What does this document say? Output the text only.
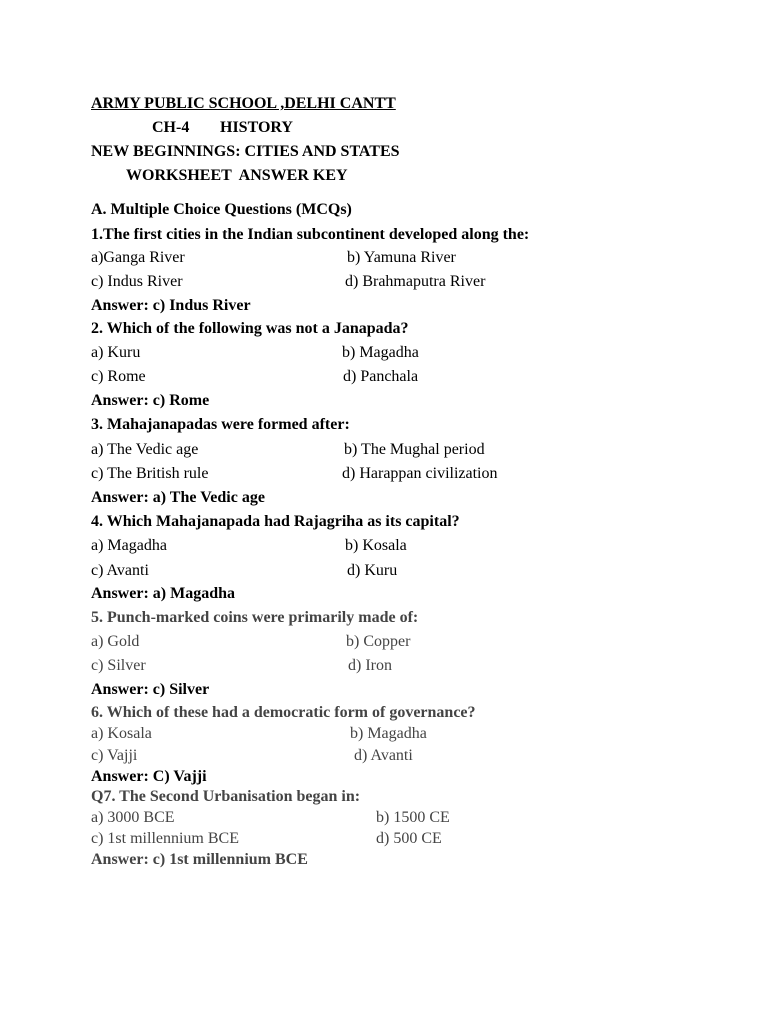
ARMY PUBLIC SCHOOL ,DELHI CANTT
CH-4 HISTORY
NEW BEGINNINGS: CITIES AND STATES
WORKSHEET  ANSWER KEY
A. Multiple Choice Questions (MCQs)
1.The first cities in the Indian subcontinent developed along the:
a)Ganga River	b) Yamuna River
c) Indus River	d) Brahmaputra River
Answer: c) Indus River
2. Which of the following was not a Janapada?
a) Kuru	b) Magadha
c) Rome	d) Panchala
Answer: c) Rome
3. Mahajanapadas were formed after:
a) The Vedic age	b) The Mughal period
c) The British rule	d) Harappan civilization
Answer: a) The Vedic age
4. Which Mahajanapada had Rajagriha as its capital?
a) Magadha	b) Kosala
c) Avanti	d) Kuru
Answer: a) Magadha
5. Punch-marked coins were primarily made of:
a) Gold	b) Copper
c) Silver	d) Iron
Answer: c) Silver
6. Which of these had a democratic form of governance?
a) Kosala	b) Magadha
c) Vajji	d) Avanti
Answer: C) Vajji
Q7. The Second Urbanisation began in:
a) 3000 BCE	b) 1500 CE
c) 1st millennium BCE	d) 500 CE
Answer: c) 1st millennium BCE
